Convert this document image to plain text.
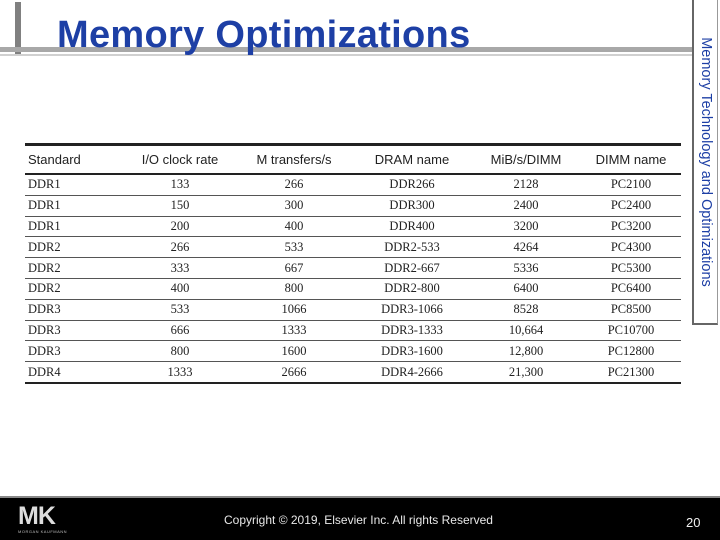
Memory Optimizations
Memory Technology and Optimizations
Standard	I/O clock rate	M transfers/s	DRAM name	MiB/s/DIMM	DIMM name
DDR1	133	266	DDR266	2128	PC2100
DDR1	150	300	DDR300	2400	PC2400
DDR1	200	400	DDR400	3200	PC3200
DDR2	266	533	DDR2-533	4264	PC4300
DDR2	333	667	DDR2-667	5336	PC5300
DDR2	400	800	DDR2-800	6400	PC6400
DDR3	533	1066	DDR3-1066	8528	PC8500
DDR3	666	1333	DDR3-1333	10,664	PC10700
DDR3	800	1600	DDR3-1600	12,800	PC12800
DDR4	1333	2666	DDR4-2666	21,300	PC21300
MK
MORGAN KAUFMANN
Copyright © 2019, Elsevier Inc. All rights Reserved	20
